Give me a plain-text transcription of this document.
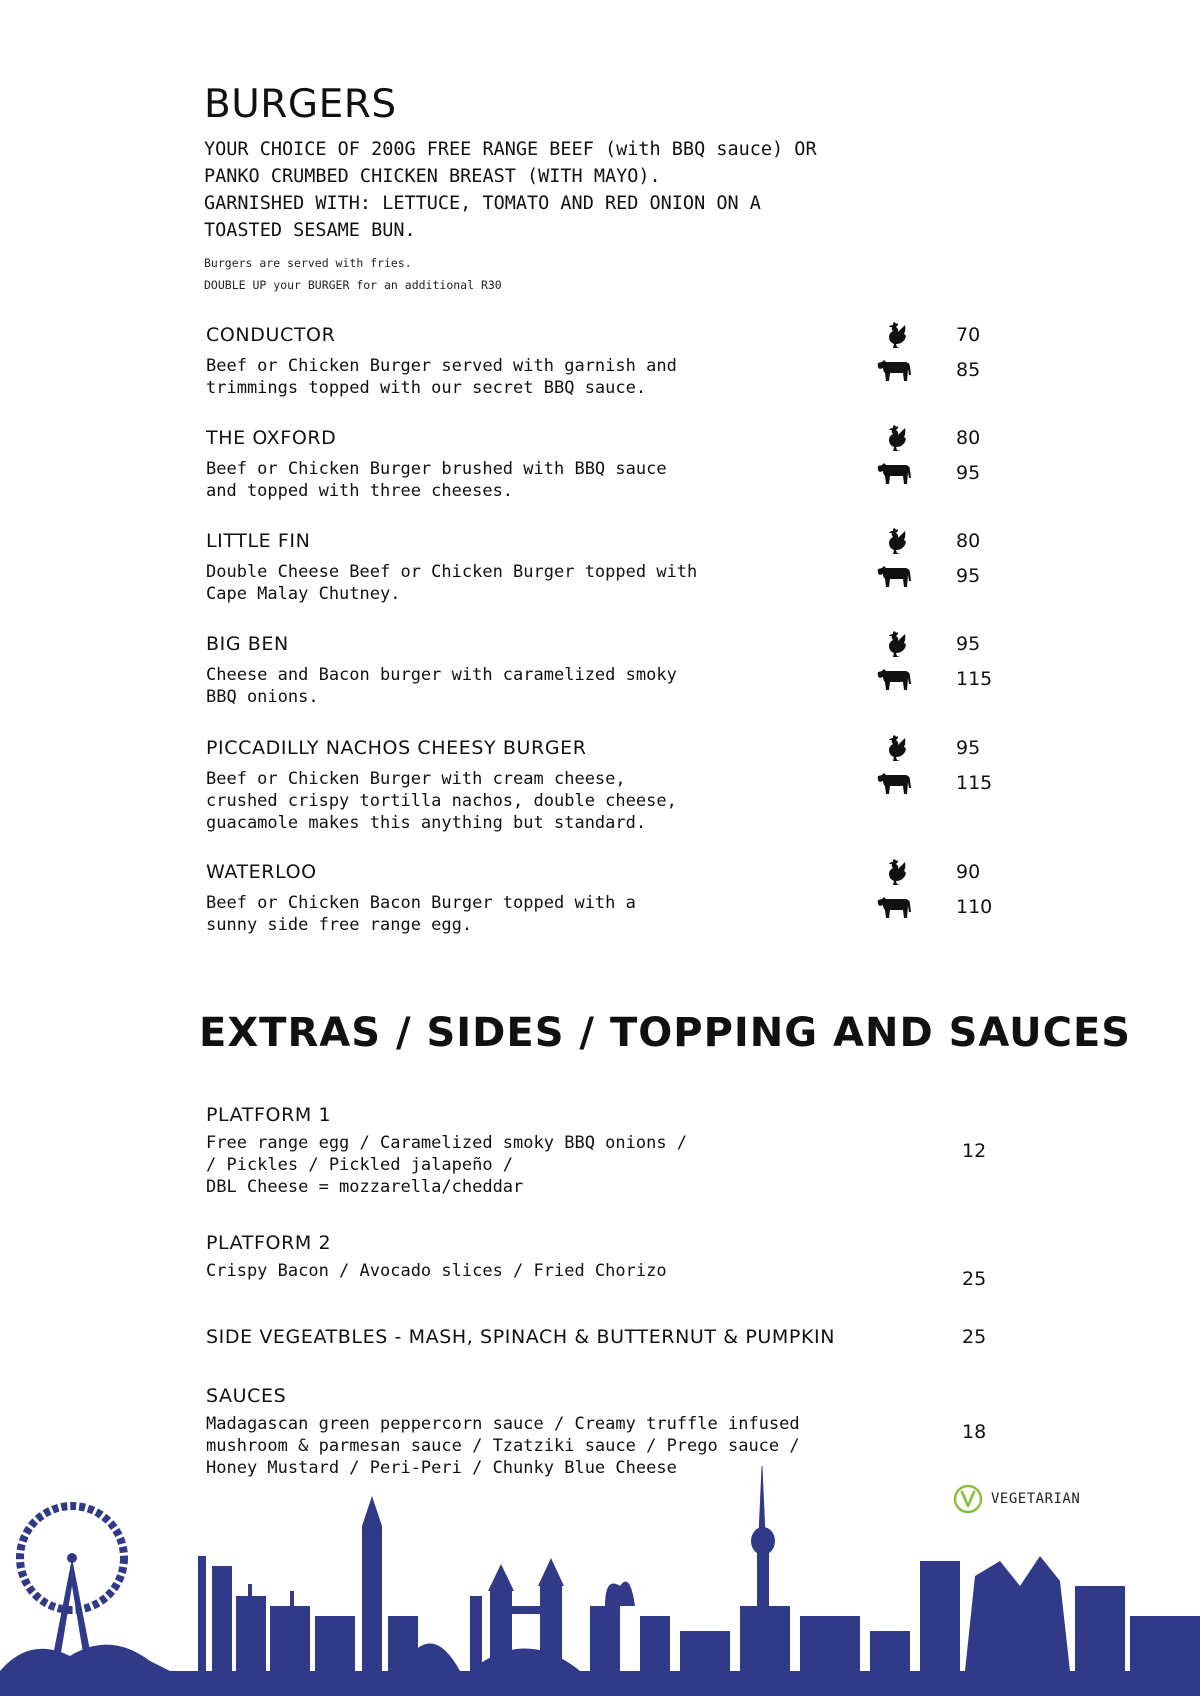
BURGERS

YOUR CHOICE OF 200G FREE RANGE BEEF (with BBQ sauce) OR

PANKO CRUMBED CHICKEN BREAST (WITH MAYO).

GARNISHED WITH: LETTUCE, TOMATO AND RED ONION ON A

TOASTED SESAME BUN.

Burgers are served with fries.

DOUBLE UP your BURGER for an additional R30

CONDUCTOR
Beef or Chicken Burger served with garnish and
trimmings topped with our secret BBQ sauce.
70
85
THE OXFORD
Beef or Chicken Burger brushed with BBQ sauce
and topped with three cheeses.
80
95
LITTLE FIN
Double Cheese Beef or Chicken Burger topped with
Cape Malay Chutney.
80
95
BIG BEN
Cheese and Bacon burger with caramelized smoky
BBQ onions.
95
115
PICCADILLY NACHOS CHEESY BURGER
Beef or Chicken Burger with cream cheese,
crushed crispy tortilla nachos, double cheese,
guacamole makes this anything but standard.
95
115
WATERLOO
Beef or Chicken Bacon Burger topped with a
sunny side free range egg.
90
110
EXTRAS / SIDES / TOPPING AND SAUCES
PLATFORM 1
Free range egg / Caramelized smoky BBQ onions /
/ Pickles / Pickled jalapeño /
DBL Cheese = mozzarella/cheddar
12
PLATFORM 2
Crispy Bacon / Avocado slices / Fried Chorizo	25
SIDE VEGEATBLES - MASH, SPINACH & BUTTERNUT & PUMPKIN	25
SAUCES
Madagascan green peppercorn sauce / Creamy truffle infused
mushroom & parmesan sauce / Tzatziki sauce / Prego sauce /
Honey Mustard / Peri-Peri / Chunky Blue Cheese
18
VEGETARIAN
